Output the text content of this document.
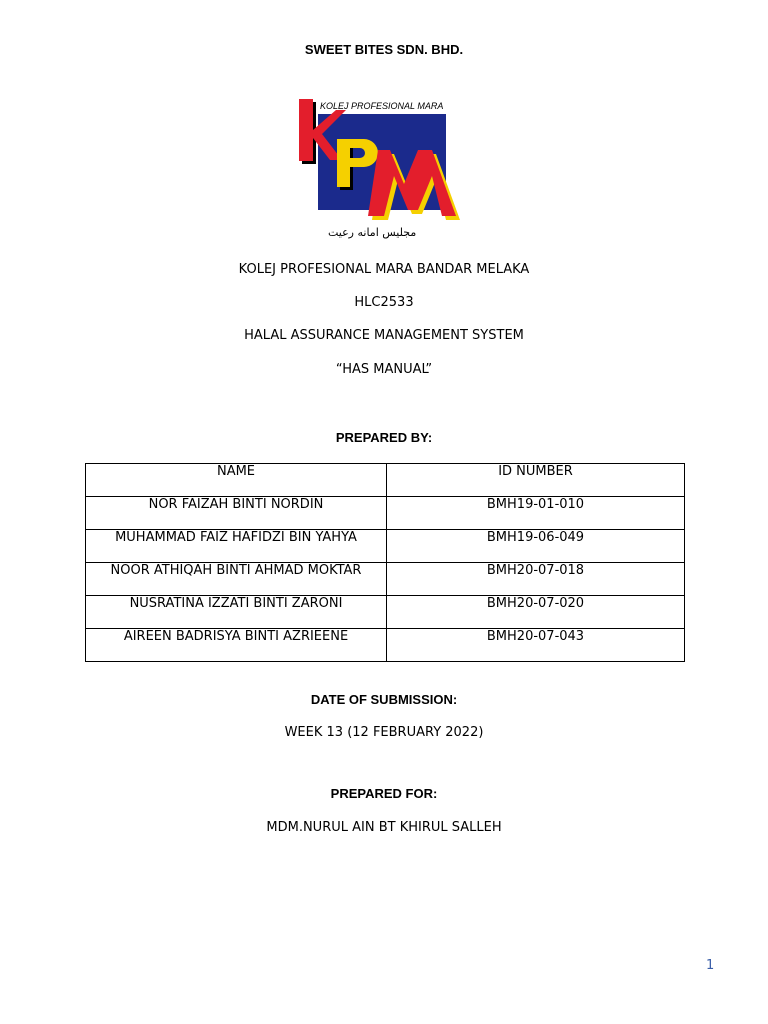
SWEET BITES SDN. BHD.
KOLEJ PROFESIONAL MARA
مجليس امانه رعيت
KOLEJ PROFESIONAL MARA BANDAR MELAKA
HLC2533
HALAL ASSURANCE MANAGEMENT SYSTEM
“HAS MANUAL”
PREPARED BY:
NAME	ID NUMBER
NOR FAIZAH BINTI NORDIN	BMH19-01-010
MUHAMMAD FAIZ HAFIDZI BIN YAHYA	BMH19-06-049
NOOR ATHIQAH BINTI AHMAD MOKTAR	BMH20-07-018
NUSRATINA IZZATI BINTI ZARONI	BMH20-07-020
AIREEN BADRISYA BINTI AZRIEENE	BMH20-07-043
DATE OF SUBMISSION:
WEEK 13 (12 FEBRUARY 2022)
PREPARED FOR:
MDM.NURUL AIN BT KHIRUL SALLEH
1
